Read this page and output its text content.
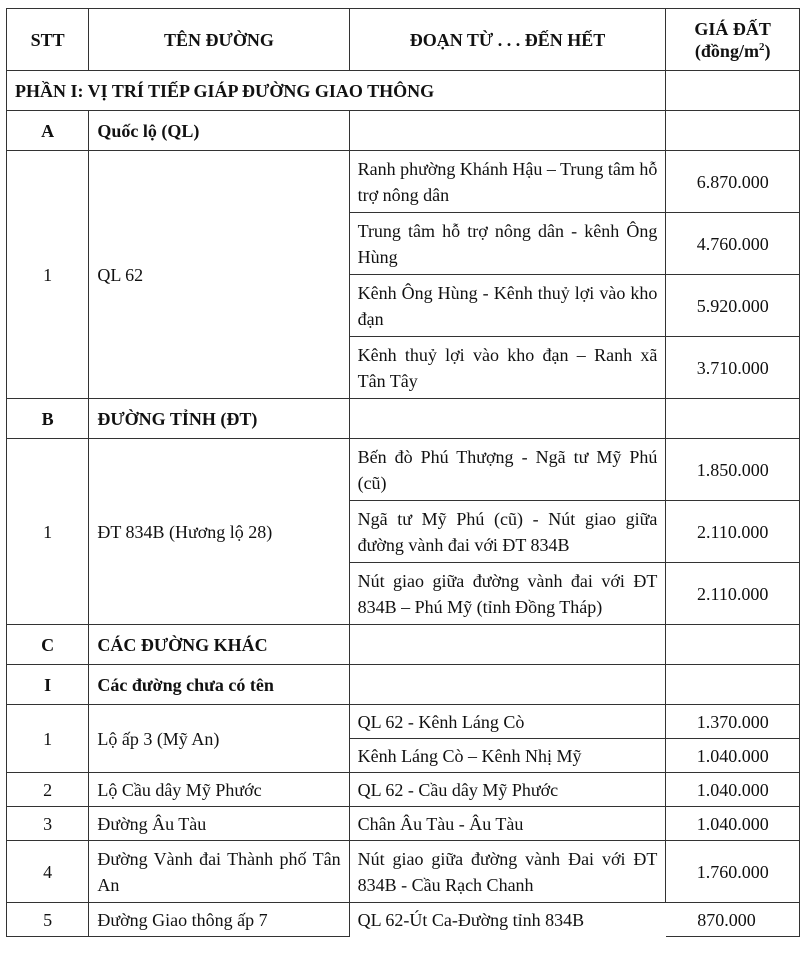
STT	TÊN ĐƯỜNG	ĐOẠN TỪ . . . ĐẾN HẾT	GIÁ ĐẤT
$(đồng/m^2)$
PHẦN I: VỊ TRÍ TIẾP GIÁP ĐƯỜNG GIAO THÔNG			
A	Quốc lộ (QL)		
1	QL 62	Ranh phường Khánh Hậu – Trung tâm hỗ trợ nông dân	6.870.000
		Trung tâm hỗ trợ nông dân - kênh Ông Hùng	4.760.000
		Kênh Ông Hùng - Kênh thuỷ lợi vào kho đạn	5.920.000
		Kênh thuỷ lợi vào kho đạn – Ranh xã Tân Tây	3.710.000
B	ĐƯỜNG TỈNH (ĐT)		
1	ĐT 834B (Hương lộ 28)	Bến đò Phú Thượng - Ngã tư Mỹ Phú (cũ)	1.850.000
		Ngã tư Mỹ Phú (cũ) - Nút giao giữa đường vành đai với ĐT 834B	2.110.000
		Nút giao giữa đường vành đai với ĐT 834B – Phú Mỹ (tỉnh Đồng Tháp)	2.110.000
C	CÁC ĐƯỜNG KHÁC		
I	Các đường chưa có tên		
1	Lộ ấp 3 (Mỹ An)	QL 62 - Kênh Láng Cò	1.370.000
		Kênh Láng Cò – Kênh Nhị Mỹ	1.040.000
2	Lộ Cầu dây Mỹ Phước	QL 62 - Cầu dây Mỹ Phước	1.040.000
3	Đường Âu Tàu	Chân Âu Tàu - Âu Tàu	1.040.000
4	Đường Vành đai Thành phố Tân An	Nút giao giữa đường vành Đai với ĐT 834B - Cầu Rạch Chanh	1.760.000
5	Đường Giao thông ấp 7	QL 62-Út Ca-Đường tỉnh 834B	870.000
